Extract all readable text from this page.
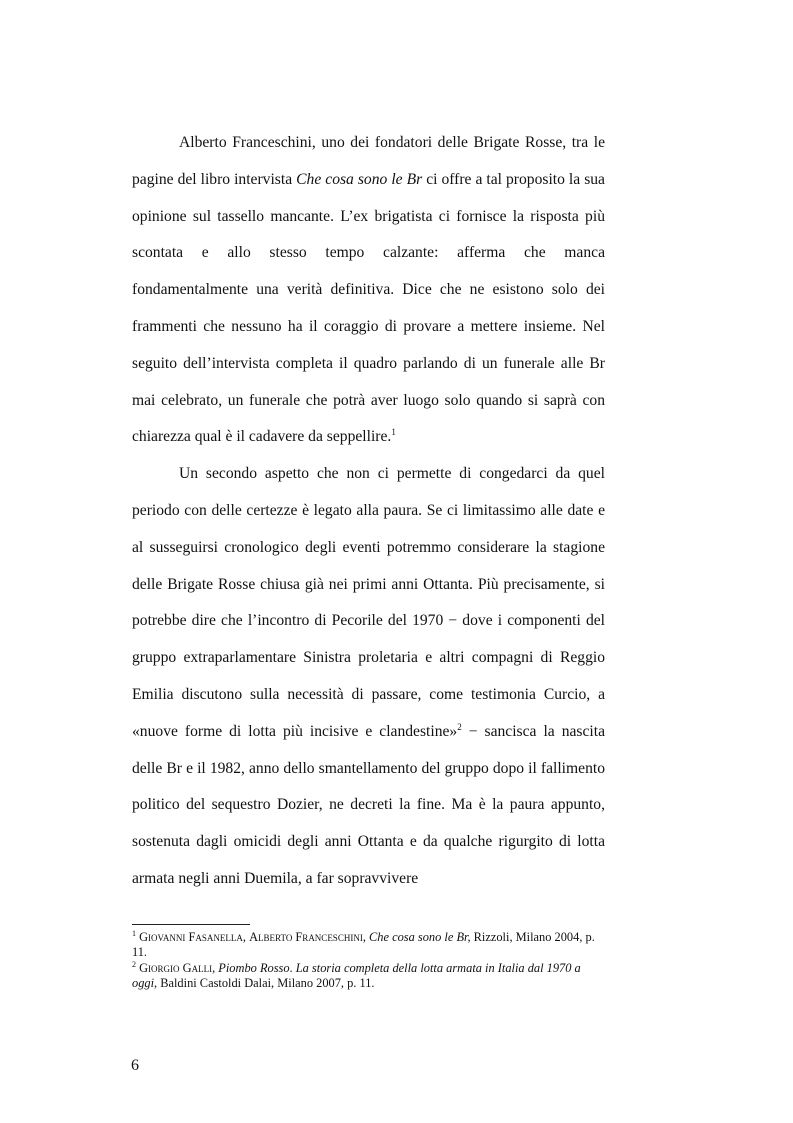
Alberto Franceschini, uno dei fondatori delle Brigate Rosse, tra le pagine del libro intervista Che cosa sono le Br ci offre a tal proposito la sua opinione sul tassello mancante. L’ex brigatista ci fornisce la risposta più scontata e allo stesso tempo calzante: afferma che manca fondamentalmente una verità definitiva. Dice che ne esistono solo dei frammenti che nessuno ha il coraggio di provare a mettere insieme. Nel seguito dell’intervista completa il quadro parlando di un funerale alle Br mai celebrato, un funerale che potrà aver luogo solo quando si saprà con chiarezza qual è il cadavere da seppellire.$^1$

Un secondo aspetto che non ci permette di congedarci da quel periodo con delle certezze è legato alla paura. Se ci limitassimo alle date e al susseguirsi cronologico degli eventi potremmo considerare la stagione delle Brigate Rosse chiusa già nei primi anni Ottanta. Più precisamente, si potrebbe dire che l’incontro di Pecorile del 1970 − dove i componenti del gruppo extraparlamentare Sinistra proletaria e altri compagni di Reggio Emilia discutono sulla necessità di passare, come testimonia Curcio, a «nuove forme di lotta più incisive e clandestine»$^2$ − sancisca la nascita delle Br e il 1982, anno dello smantellamento del gruppo dopo il fallimento politico del sequestro Dozier, ne decreti la fine. Ma è la paura appunto, sostenuta dagli omicidi degli anni Ottanta e da qualche rigurgito di lotta armata negli anni Duemila, a far sopravvivere

$^1$ Giovanni Fasanella, Alberto Franceschini, Che cosa sono le Br, Rizzoli, Milano 2004, p. 11.

$^2$ Giorgio Galli, Piombo Rosso. La storia completa della lotta armata in Italia dal 1970 a oggi, Baldini Castoldi Dalai, Milano 2007, p. 11.

6
